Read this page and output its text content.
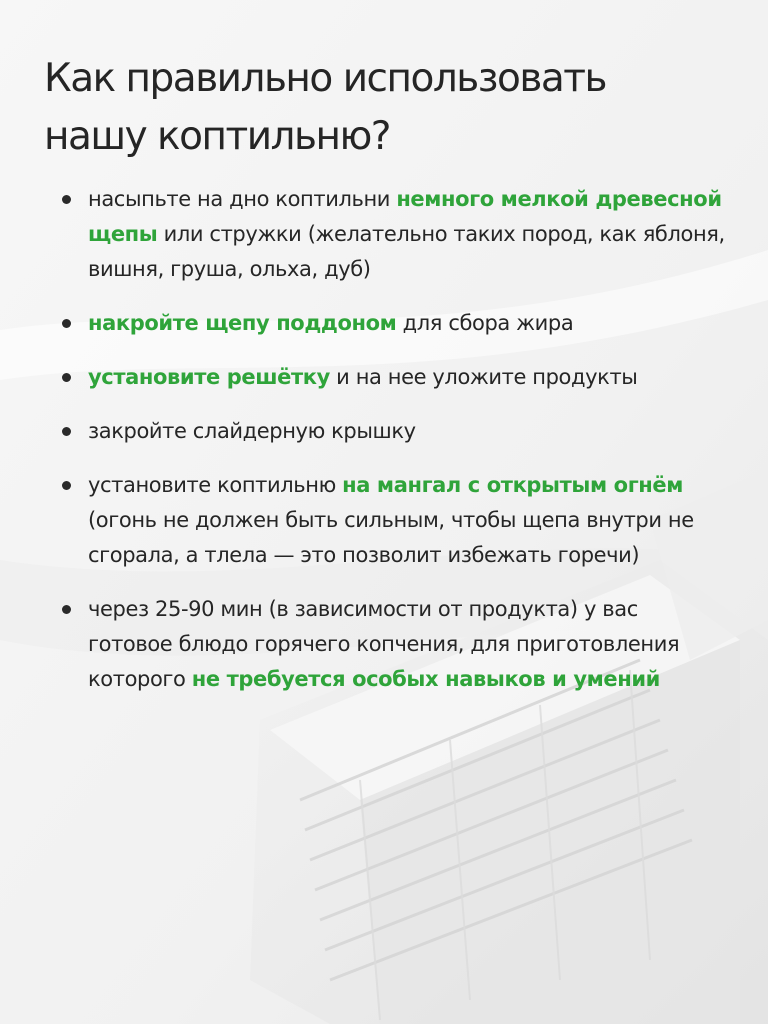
Как правильно использовать
нашу коптильню?
насыпьте на дно коптильни немного мелкой древесной щепы или стружки (желательно таких пород, как яблоня, вишня, груша, ольха, дуб)
накройте щепу поддоном для сбора жира
установите решётку и на нее уложите продукты
закройте слайдерную крышку
установите коптильню на мангал с открытым огнём (огонь не должен быть сильным, чтобы щепа внутри не сгорала, а тлела — это позволит избежать горечи)
через 25-90 мин (в зависимости от продукта) у вас готовое блюдо горячего копчения, для приготовления которого не требуется особых навыков и умений
